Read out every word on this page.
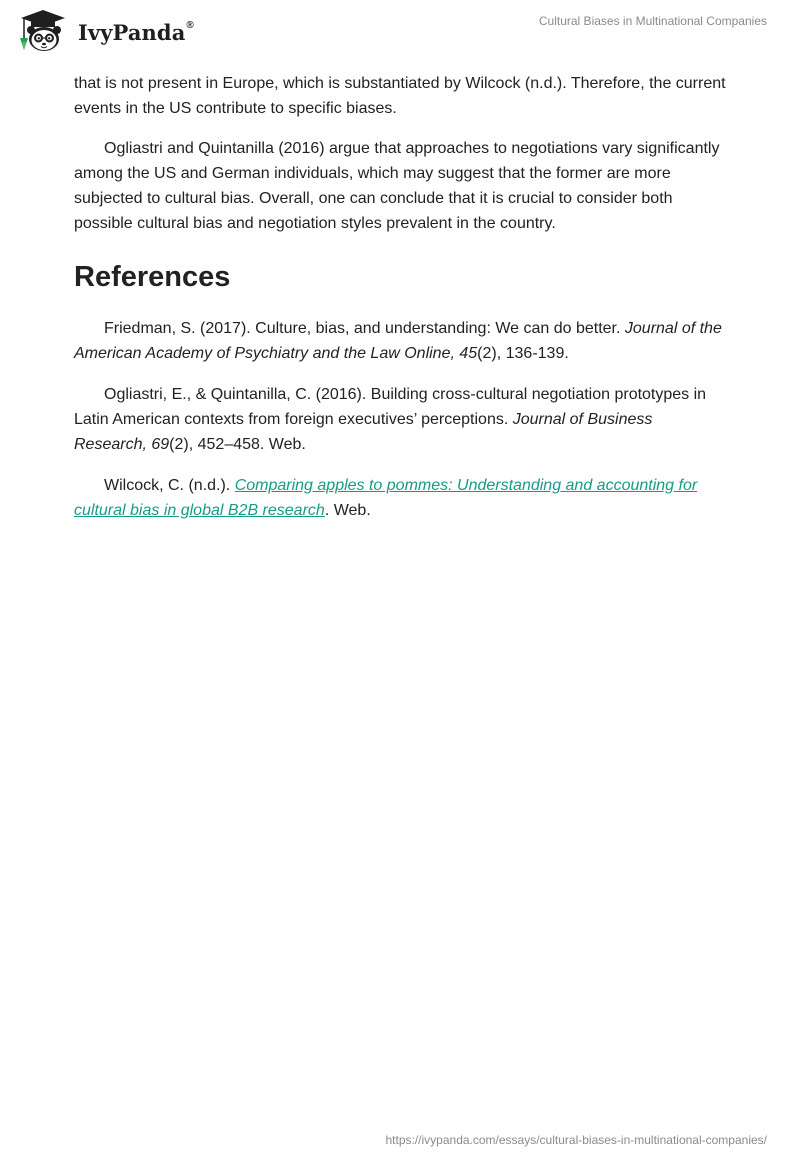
IvyPanda®	Cultural Biases in Multinational Companies

that is not present in Europe, which is substantiated by Wilcock (n.d.). Therefore, the current events in the US contribute to specific biases.

Ogliastri and Quintanilla (2016) argue that approaches to negotiations vary significantly among the US and German individuals, which may suggest that the former are more subjected to cultural bias. Overall, one can conclude that it is crucial to consider both possible cultural bias and negotiation styles prevalent in the country.

References

Friedman, S. (2017). Culture, bias, and understanding: We can do better. Journal of the American Academy of Psychiatry and the Law Online, 45(2), 136-139.

Ogliastri, E., & Quintanilla, C. (2016). Building cross-cultural negotiation prototypes in Latin American contexts from foreign executives’ perceptions. Journal of Business Research, 69(2), 452–458. Web.

Wilcock, C. (n.d.). Comparing apples to pommes: Understanding and accounting for cultural bias in global B2B research. Web.

https://ivypanda.com/essays/cultural-biases-in-multinational-companies/
